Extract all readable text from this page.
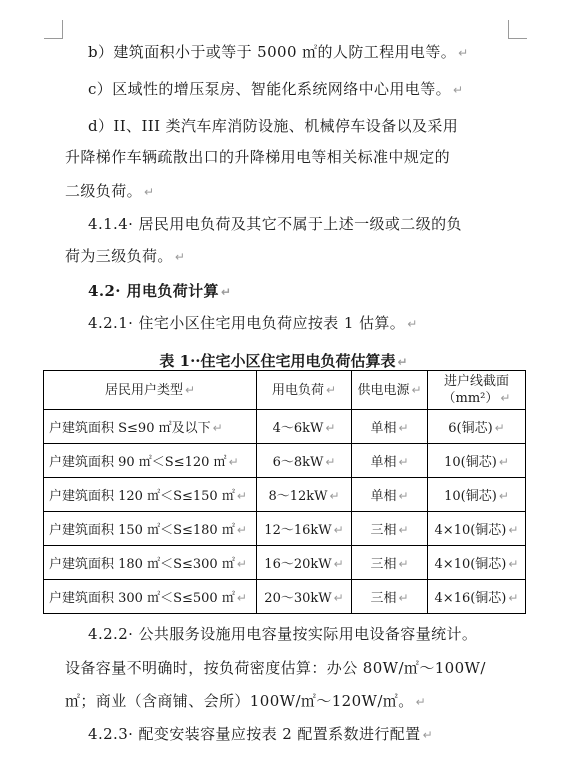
b）建筑面积小于或等于 5000 ㎡的人防工程用电等。 ↵
c）区域性的增压泵房、智能化系统网络中心用电等。 ↵
d）II、III 类汽车库消防设施、机械停车设备以及采用
升降梯作车辆疏散出口的升降梯用电等相关标准中规定的
二级负荷。 ↵
4.1.4· 居民用电负荷及其它不属于上述一级或二级的负
荷为三级负荷。 ↵
4.2· 用电负荷计算 ↵
4.2.1· 住宅小区住宅用电负荷应按表 1 估算。 ↵
表 1··住宅小区住宅用电负荷估算表 ↵
居民用户类型 ↵	用电负荷 ↵	供电电源 ↵	进户线截面（mm²） ↵
户建筑面积 S≤90 ㎡及以下 ↵	4～6kW ↵	单相 ↵	6(铜芯) ↵
户建筑面积 90 ㎡＜S≤120 ㎡ ↵	6～8kW ↵	单相 ↵	10(铜芯) ↵
户建筑面积 120 ㎡＜S≤150 ㎡ ↵	8～12kW ↵	单相 ↵	10(铜芯) ↵
户建筑面积 150 ㎡＜S≤180 ㎡ ↵	12～16kW ↵	三相 ↵	4×10(铜芯) ↵
户建筑面积 180 ㎡＜S≤300 ㎡ ↵	16～20kW ↵	三相 ↵	4×10(铜芯) ↵
户建筑面积 300 ㎡＜S≤500 ㎡ ↵	20～30kW ↵	三相 ↵	4×16(铜芯) ↵
4.2.2· 公共服务设施用电容量按实际用电设备容量统计。
设备容量不明确时，按负荷密度估算：办公 80W/㎡～100W/
㎡；商业（含商铺、会所）100W/㎡～120W/㎡。 ↵
4.2.3· 配变安装容量应按表 2 配置系数进行配置 ↵
